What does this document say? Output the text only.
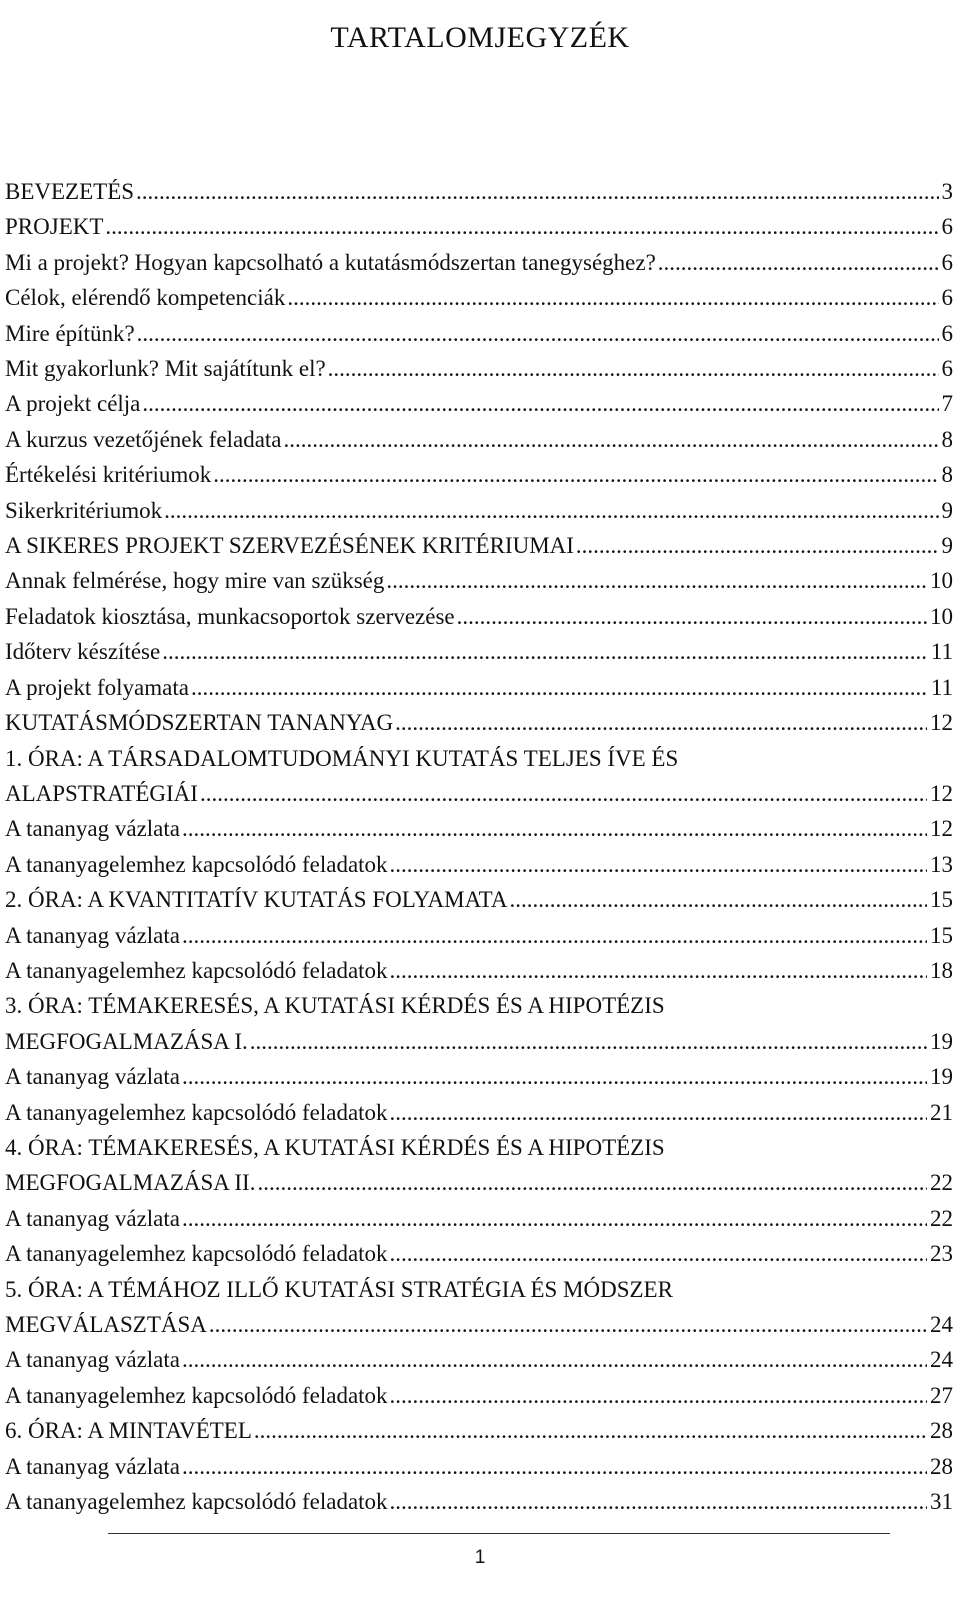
TARTALOMJEGYZÉK
BEVEZETÉS .....	3
PROJEKT .....	6
Mi a projekt? Hogyan kapcsolható a kutatásmódszertan tanegységhez? .....	6
Célok, elérendő kompetenciák .....	6
Mire építünk? .....	6
Mit gyakorlunk? Mit sajátítunk el? .....	6
A projekt célja .....	7
A kurzus vezetőjének feladata .....	8
Értékelési kritériumok .....	8
Sikerkritériumok .....	9
A SIKERES PROJEKT SZERVEZÉSÉNEK KRITÉRIUMAI .....	9
Annak felmérése, hogy mire van szükség .....	10
Feladatok kiosztása, munkacsoportok szervezése .....	10
Időterv készítése .....	11
A projekt folyamata .....	11
KUTATÁSMÓDSZERTAN TANANYAG .....	12
1. ÓRA: A TÁRSADALOMTUDOMÁNYI KUTATÁS TELJES ÍVE ÉS
ALAPSTRATÉGIÁI .....	12
A tananyag vázlata .....	12
A tananyagelemhez kapcsolódó feladatok .....	13
2. ÓRA: A KVANTITATÍV KUTATÁS FOLYAMATA .....	15
A tananyag vázlata .....	15
A tananyagelemhez kapcsolódó feladatok .....	18
3. ÓRA: TÉMAKERESÉS, A KUTATÁSI KÉRDÉS ÉS A HIPOTÉZIS
MEGFOGALMAZÁSA I. .....	19
A tananyag vázlata .....	19
A tananyagelemhez kapcsolódó feladatok .....	21
4. ÓRA: TÉMAKERESÉS, A KUTATÁSI KÉRDÉS ÉS A HIPOTÉZIS
MEGFOGALMAZÁSA II. .....	22
A tananyag vázlata .....	22
A tananyagelemhez kapcsolódó feladatok .....	23
5. ÓRA: A TÉMÁHOZ ILLŐ KUTATÁSI STRATÉGIA ÉS MÓDSZER
MEGVÁLASZTÁSA .....	24
A tananyag vázlata .....	24
A tananyagelemhez kapcsolódó feladatok .....	27
6. ÓRA: A MINTAVÉTEL .....	28
A tananyag vázlata .....	28
A tananyagelemhez kapcsolódó feladatok .....	31
1
